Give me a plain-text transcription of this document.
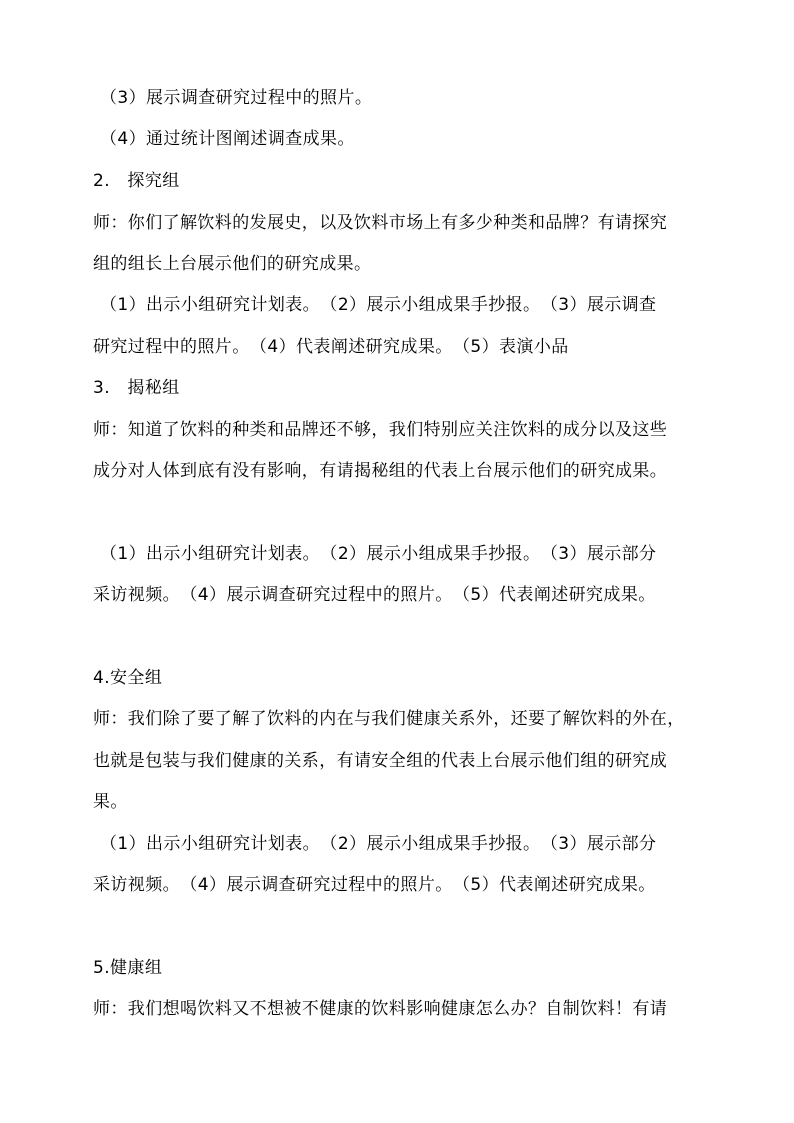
（3）展示调查研究过程中的照片。
（4）通过统计图阐述调查成果。
2.　探究组
师：你们了解饮料的发展史，以及饮料市场上有多少种类和品牌？有请探究
组的组长上台展示他们的研究成果。
（1）出示小组研究计划表。　（2）展示小组成果手抄报。　（3）展示调查
研究过程中的照片。　（4）代表阐述研究成果。　（5）表演小品
3.　揭秘组
师：知道了饮料的种类和品牌还不够，我们特别应关注饮料的成分以及这些
成分对人体到底有没有影响，有请揭秘组的代表上台展示他们的研究成果。
（1）出示小组研究计划表。　（2）展示小组成果手抄报。　（3）展示部分
采访视频。　（4）展示调查研究过程中的照片。　（5）代表阐述研究成果。
4.安全组
师：我们除了要了解了饮料的内在与我们健康关系外，还要了解饮料的外在，
也就是包装与我们健康的关系，有请安全组的代表上台展示他们组的研究成
果。
（1）出示小组研究计划表。　（2）展示小组成果手抄报。　（3）展示部分
采访视频。　（4）展示调查研究过程中的照片。　（5）代表阐述研究成果。
5.健康组
师：我们想喝饮料又不想被不健康的饮料影响健康怎么办？自制饮料！有请
